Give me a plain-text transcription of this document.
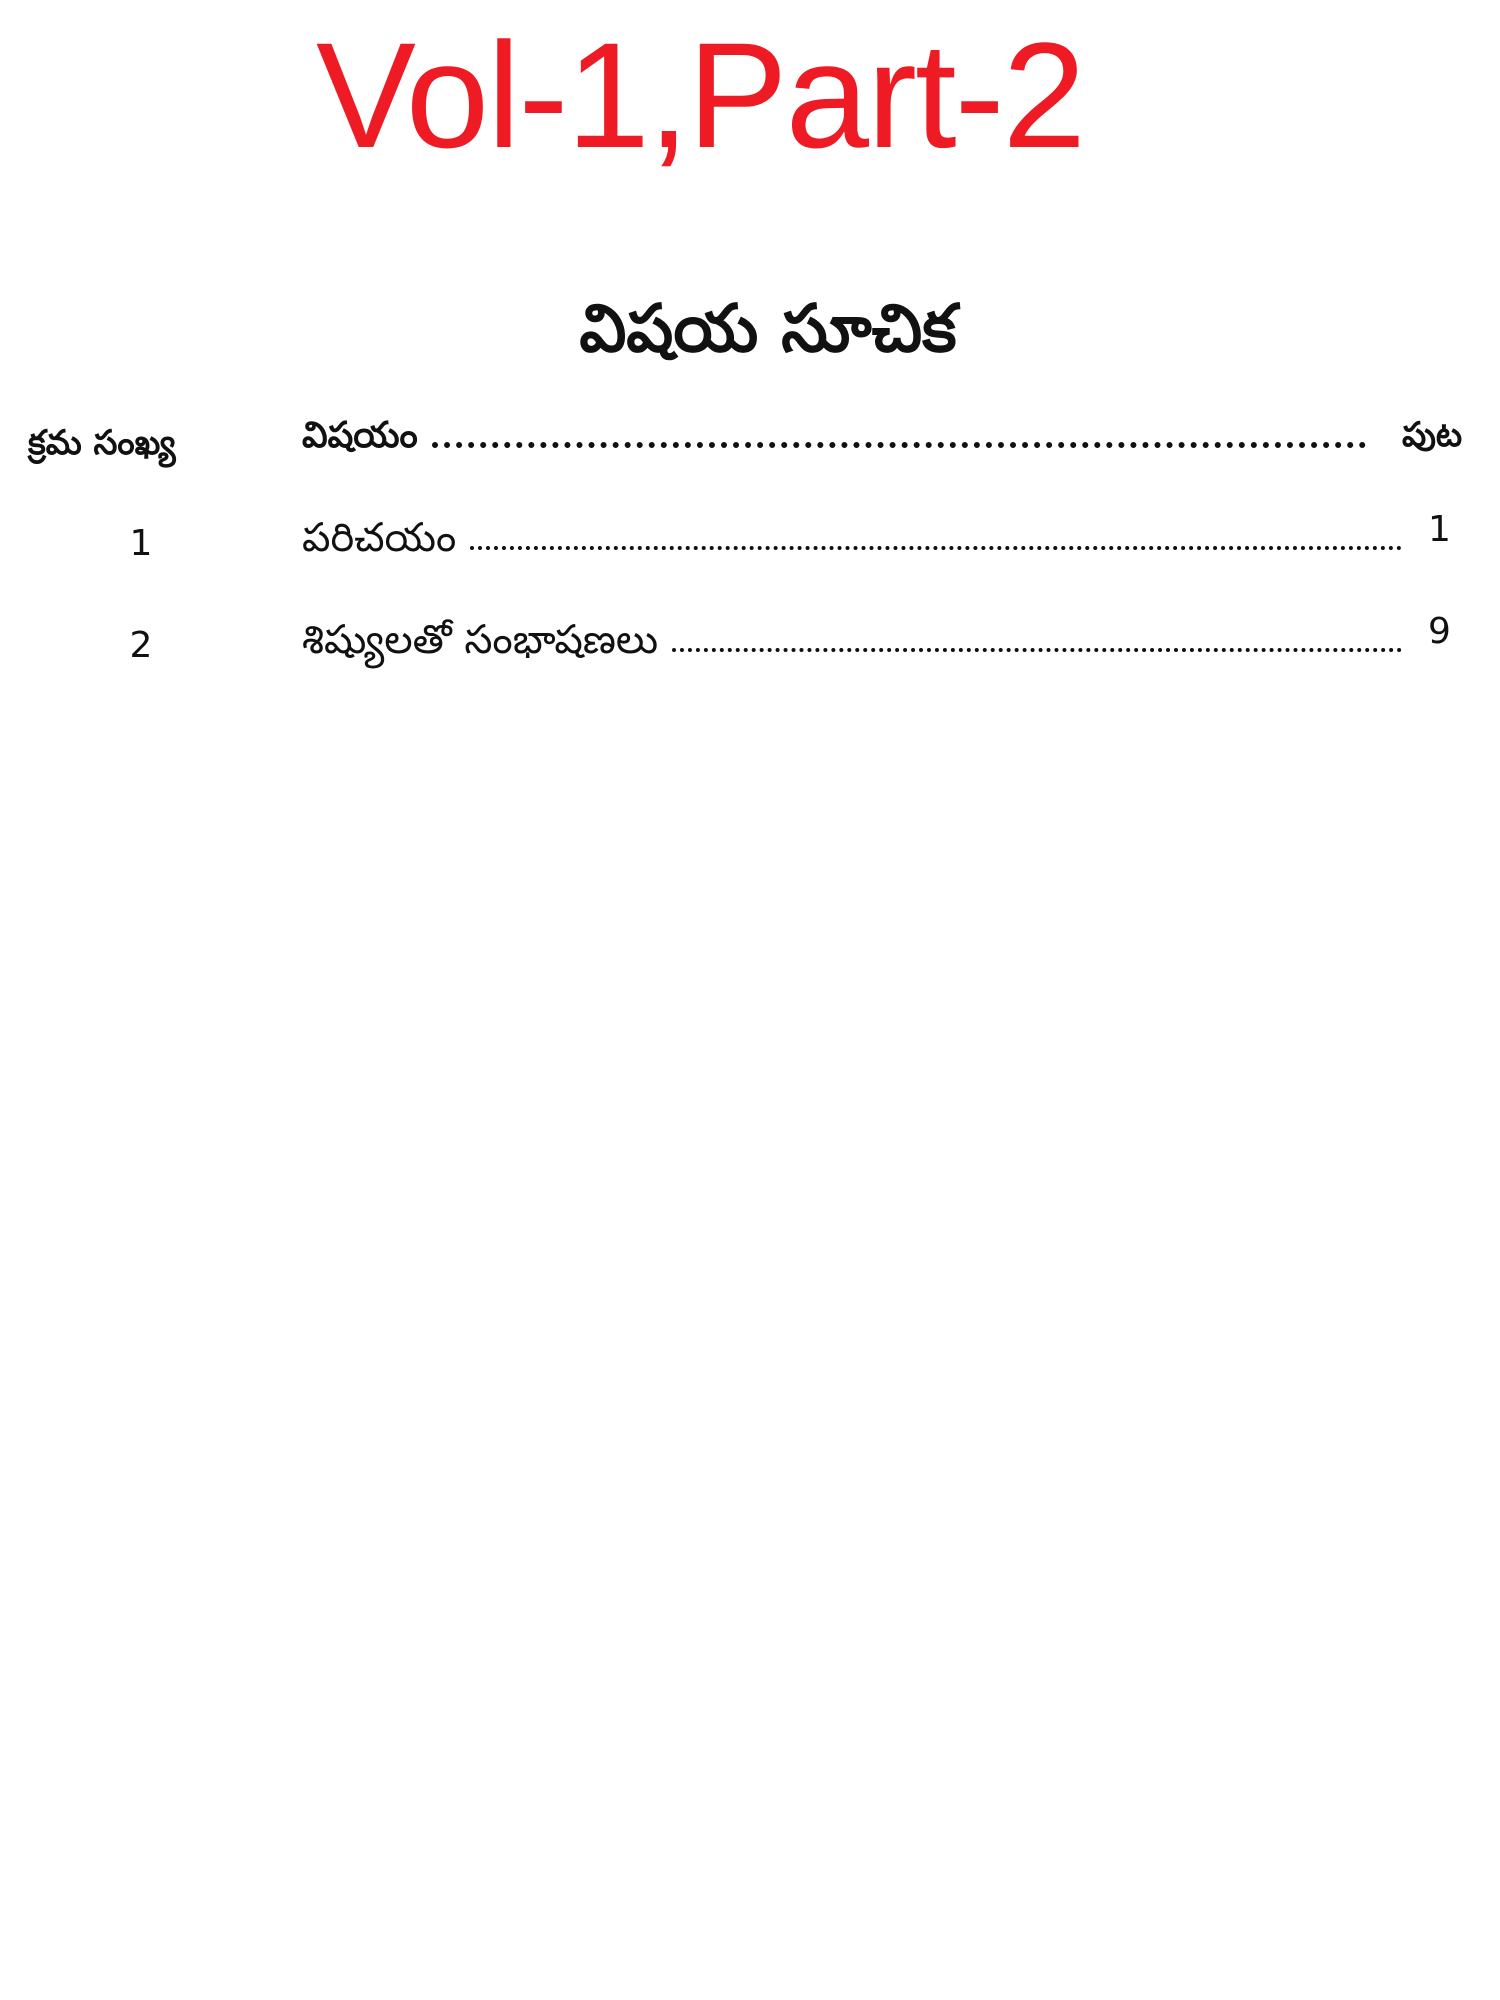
Vol-1,Part-2
విషయ సూచిక
క్రమ సంఖ్య	విషయం	పుట
1	పరిచయం	1
2	శిష్యులతో సంభాషణలు	9
